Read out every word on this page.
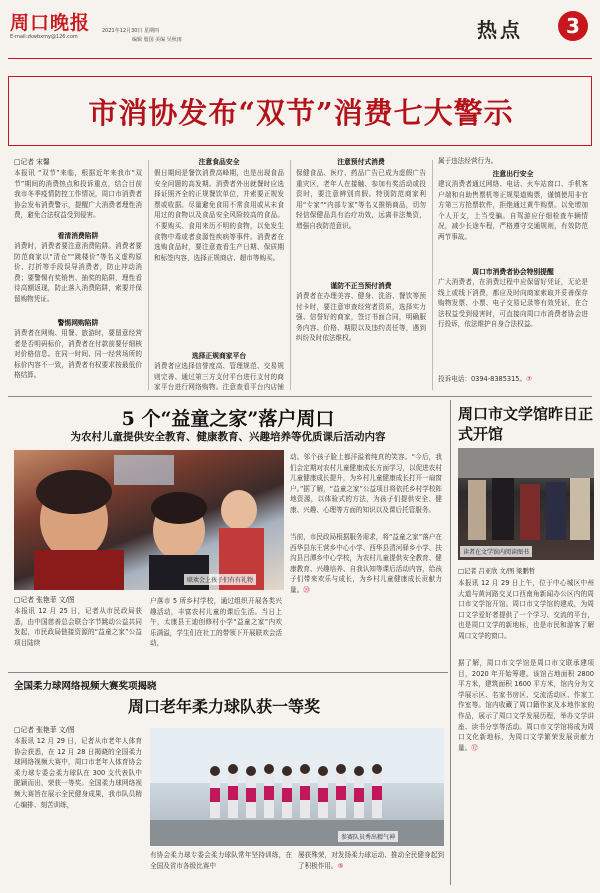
周口晚报
E-mail:zkwbxmy@126.com
2021年12月30日 星期四
编辑 殷国 美编 吴秋雨	热点	3
市消协发布“双节”消费七大警示
□记者 宋馨
本报讯 “双节”来临，根据近年来我市“双节”期间的消费热点和投诉重点，结合目前我市冬季疫情防控工作情况，周口市消费者协会发布消费警示，提醒广大消费者理性消费，避免合法权益受到侵害。
看清消费陷阱
消费时，消费者要注意消费陷阱。消费者要防范商家以“清仓”“跳楼价”等名义虚构原价、打折等手段误导消费者，防止冲动消费；要警惕有奖销售、抽奖的陷阱，理性看待高额返现，防止落入消费陷阱，索要并保留购物凭证。
警惕网购陷阱
消费者在网购、用餐、旅游时，要留意经营者是否明码标价，消费者在付款前要仔细核对价格信息。在同一时间、同一经营场所的标价内容不一致，消费者有权要求按最低价格结算。
注意食品安全
假日期间是餐饮消费高峰期，也是出现食品安全问题的高发期。消费者外出就餐时应选择证照齐全的正规餐饮单位，并索要正规发票或收据。尽量避免食用不常食用或从未食用过的食物以及食品安全风险较高的食品。不要购买、食用来历不明的食物，以免发生食物中毒或者食源性疾病等事件。消费者在选购食品时，要注意查看生产日期、保质期和标签内容，选择正规商店、超市等购买。
选择正规商家平台
消费者应选择信誉度高、管理规范、交易规则完善、通过第三方支付平台进行支付的商家平台进行网络购物。注意查看平台内店铺
注意预付式消费
保健食品、医疗、药品广告已成为虚假广告重灾区，老年人在接触、参加有奖活动或投资时，要注意辨别真假。特别防范商家利用“专家”“内部专家”等名义推销商品，切勿轻信保健品具有治疗功效，远离非法集资，增强自我防范意识。
谨防不正当预付消费
消费者在办理美容、健身、洗浴、餐饮等预付卡时，要注意审查经营者资质，选择实力强、信誉好的商家，签订书面合同，明确服务内容、价格、期限以及违约责任等，遇到纠纷及时依法维权。
属于违法经营行为。
注意出行安全
建议消费者通过网络、电话、火车站窗口、手机客户端和自助售票机等正规渠道购票，谨慎使用非官方第三方抢票软件，拒绝通过黄牛购票。以免增加个人开支，上当受骗。自驾游应仔细检查车辆情况，减少长途车程，严格遵守交通规则，有效防范两节事故。
周口市消费者协会特别提醒
广大消费者，在消费过程中应保留好凭证，无论是线上或线下消费，都应及时向商家索取并妥善保存购物发票、小票、电子交易记录等有效凭证，在合法权益受到侵害时，可直接向周口市消费者协会进行投诉，依法维护自身合法权益。
投诉电话：0394-8385315。⑦
5 个“益童之家”落户周口
为农村儿童提供安全教育、健康教育、兴趣培养等优质课后活动内容
联欢会上孩子们有有礼物
□记者 张艳菲 文/图
本报讯 12 月 25 日，记者从市民政局获悉，由中国慈善总会联合字节跳动公益共同发起，市民政局链接资源的“益童之家”公益项目陆续
户落市 5 所乡村学校，通过组织开展各类兴趣活动，丰富农村儿童的课后生活。当日上午，太康县王迪创修村小学“益童之家”内欢乐满溢，学生们在社工的带领下开展联欢会活动，
动。邻个孩子脸上都洋溢着纯真的笑容。“今后，我们会定期对农村儿童健康成长方面学习，以促进农村儿童健康成长提升，为乡村儿童健康成长打开一扇窗户。”据了解，“益童之家”公益项目将依托乡村学校阵地资源，以体验式的方法，为孩子们提供安全、健康、兴趣、心理等方面的知识以及课后托管服务。
当前，市民政局根据服务需求，将“益童之家”落户在西华县东王营乡中心小学、西华县清河驿乡小学、扶沟县吕潭乡中心学校，为农村儿童提供安全教育、健康教育、兴趣培养、自我认知等课后活动内容，给孩子们带来欢乐与成长，为乡村儿童健康成长贡献力量。⑳
周口市文学馆昨日正式开馆
读者在文学馆内阅读图书
□记者 吕亚欣 文/图 梁鹏哲
本报讯 12 月 29 日上午，位于中心城区中州大道与黄河路交叉口西南角新闻办公区内的周口市文学馆开馆。周口市文学馆的建成，为周口文学爱好者提供了一个学习、交流的平台，也是周口文学的新地标，也是市民和游客了解周口文学的窗口。
据了解，周口市文学馆是周口市文联承建项目，2020 年开始筹建。该馆占地面积 2800 平方米，建筑面积 1600 平方米，馆内分为文学展示区、名家书房区、交流活动区、作家工作室等。馆内收藏了周口籍作家及本地作家的作品，展示了周口文学发展历程，举办文学讲座、读书分享等活动。周口市文学馆将成为周口文化新地标，为周口文学繁荣发展贡献力量。⑫
全国柔力球网络视频大赛奖项揭晓
周口老年柔力球队获一等奖
□记者 张艳菲 文/图
本报讯 12 月 29 日，记者从市老年人体育协会获悉，在 12 月 28 日揭晓的全国柔力球网络视频大赛中，周口市老年人体育协会柔力球专委会柔力球队在 300 支代表队中脱颖而出，荣获一等奖。全国柔力球网络视频大赛旨在展示全民健身成果，我市队员精心编排、刻苦训练，
参赛队员秀出精气神
有协会柔力球专委会柔力球队常年坚持训练，在全国及省市各级比赛中
屡获殊荣，对发扬柔力球运动、推动全民健身起到了积极作用。⑤
